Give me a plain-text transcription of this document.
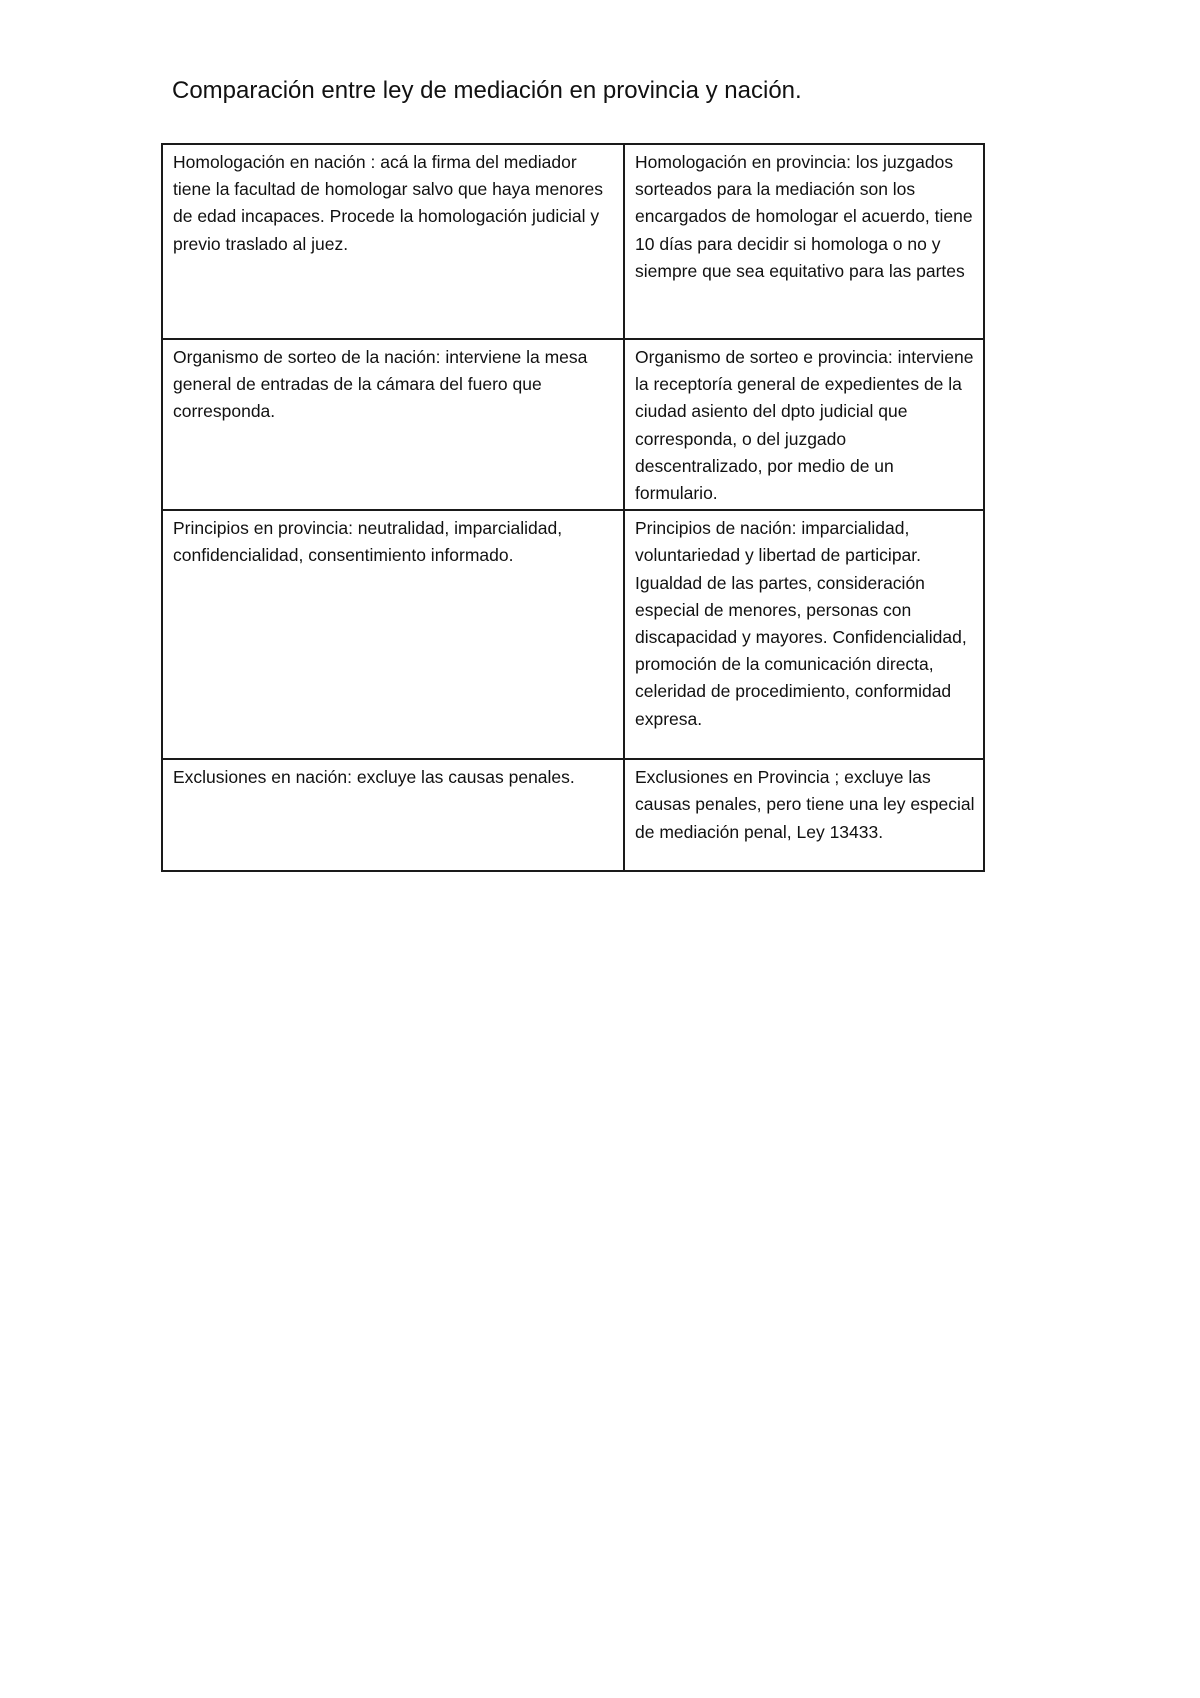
Comparación entre ley de mediación en provincia y nación.
Homologación en nación : acá la firma del mediador tiene la facultad de homologar salvo que haya menores de edad incapaces. Procede la homologación judicial y previo traslado al juez.	Homologación en provincia: los juzgados sorteados para la mediación son los encargados de homologar el acuerdo, tiene 10 días para decidir si homologa o no y siempre que sea equitativo para las partes
Organismo de sorteo de la nación: interviene la mesa general de entradas de la cámara del fuero que corresponda.	Organismo de sorteo e provincia: interviene la receptoría general de expedientes de la ciudad asiento del dpto judicial que corresponda, o del juzgado descentralizado, por medio de un formulario.
Principios en provincia: neutralidad, imparcialidad, confidencialidad, consentimiento informado.	Principios de nación: imparcialidad, voluntariedad y libertad de participar. Igualdad de las partes, consideración especial de menores, personas con discapacidad y mayores. Confidencialidad, promoción de la comunicación directa, celeridad de procedimiento, conformidad expresa.
Exclusiones en nación: excluye las causas penales.	Exclusiones en Provincia ; excluye las causas penales, pero tiene una ley especial de mediación penal, Ley 13433.
